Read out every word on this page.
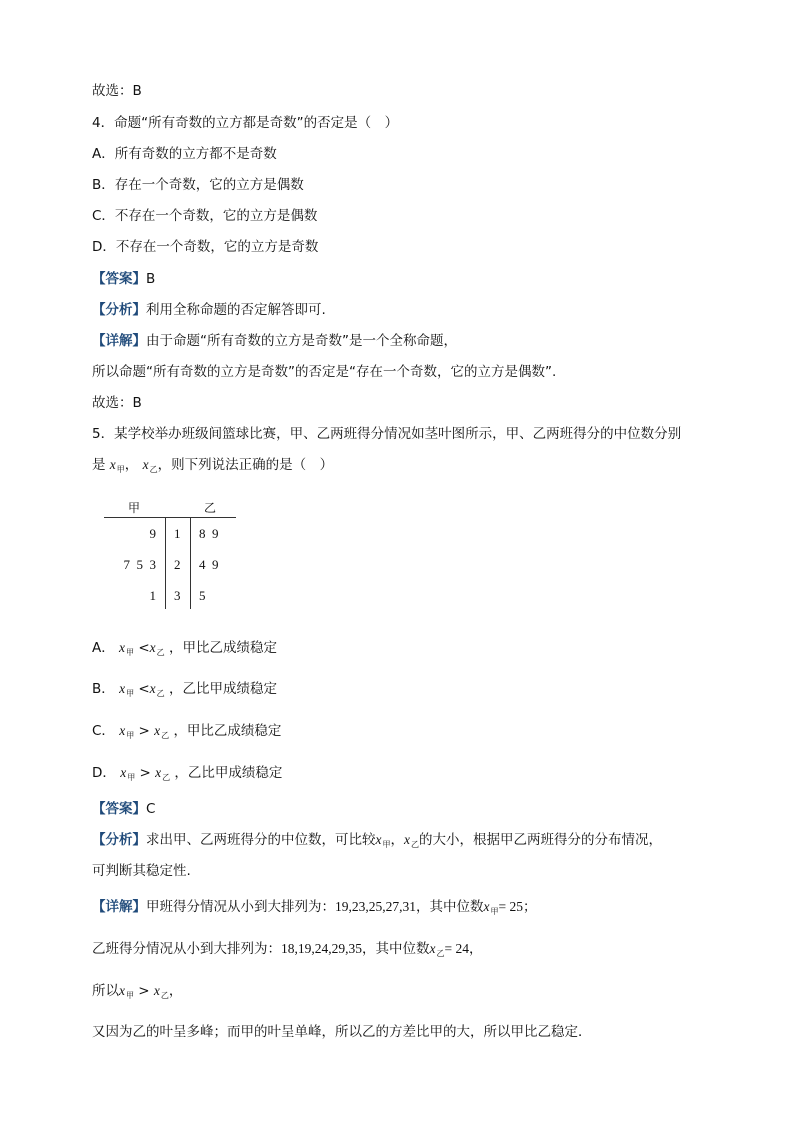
故选：B
4．命题“所有奇数的立方都是奇数”的否定是（　）
A．所有奇数的立方都不是奇数
B．存在一个奇数，它的立方是偶数
C．不存在一个奇数，它的立方是偶数
D．不存在一个奇数，它的立方是奇数
【答案】B
【分析】利用全称命题的否定解答即可.
【详解】由于命题“所有奇数的立方是奇数”是一个全称命题，
所以命题“所有奇数的立方是奇数”的否定是“存在一个奇数，它的立方是偶数”.
故选：B
5．某学校举办班级间篮球比赛，甲、乙两班得分情况如茎叶图所示，甲、乙两班得分的中位数分别
是 $x_甲$， $x_乙$，则下列说法正确的是（　）
甲	乙
9 1 8  9
7  5  3 2 4  9
1 3 5
A． $x_甲 <x_乙$ ，甲比乙成绩稳定
B． $x_甲 <x_乙$ ，乙比甲成绩稳定
C． $x_甲 > x_乙$ ，甲比乙成绩稳定
D． $x_甲 > x_乙$ ，乙比甲成绩稳定
【答案】C
【分析】求出甲、乙两班得分的中位数，可比较$x_甲$，$x_乙$的大小，根据甲乙两班得分的分布情况，
可判断其稳定性.
【详解】甲班得分情况从小到大排列为：19,23,25,27,31，其中位数$x_甲= 25$；
乙班得分情况从小到大排列为：18,19,24,29,35，其中位数$x_乙= 24$，
所以$x_甲 > x_乙$，
又因为乙的叶呈多峰；而甲的叶呈单峰，所以乙的方差比甲的大，所以甲比乙稳定．
